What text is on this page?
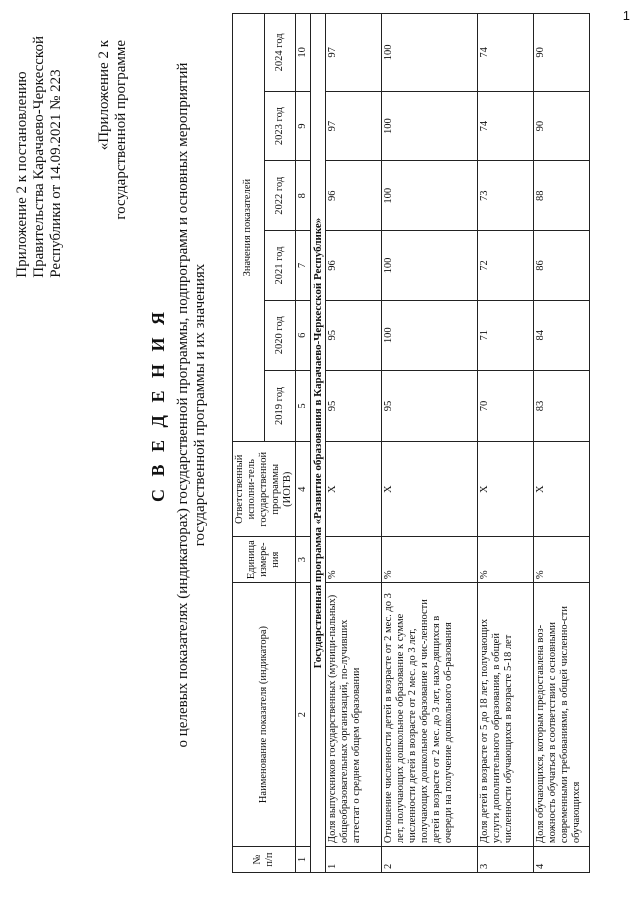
1
Приложение 2 к постановлению Правительства Карачаево-Черкесской Республики от 14.09.2021 № 223 «Приложение 2 к государственной программе
С В Е Д Е Н И Я о целевых показателях (индикаторах) государственной программы, подпрограмм и основных мероприятий государственной программы и их значениях
№ п/п	Наименование показателя (индикатора)	Единица измере-ния	Ответственный исполни-тель государственной программы (ИОГВ)	Значения показателей					
				2019 год	2020 год	2021 год	2022 год	2023 год	2024 год
1	2	3	4	5	6	7	8	9	10
Государственная программа «Развитие образования в Карачаево-Черкесской Республике»									
1	Доля выпускников государственных (муници-пальных) общеобразовательных организаций, по-лучивших аттестат о среднем общем образовании	%	X	95	95	96	96	97	97
2	Отношение численности детей в возрасте от 2 мес. до 3 лет, получающих дошкольное образование к сумме численности детей в возрасте от 2 мес. до 3 лет, получающих дошкольное образование и чис-ленности детей в возрасте от 2 мес. до 3 лет, нахо-дящихся в очереди на получение дошкольного об-разования	%	X	95	100	100	100	100	100
3	Доля детей в возрасте от 5 до 18 лет, получающих услуги дополнительного образования, в общей численности обучающихся в возрасте 5-18 лет	%	X	70	71	72	73	74	74
4	Доля обучающихся, которым предоставлена воз-можность обучаться в соответствии с основными современными требованиями, в общей численно-сти обучающихся	%	X	83	84	86	88	90	90
